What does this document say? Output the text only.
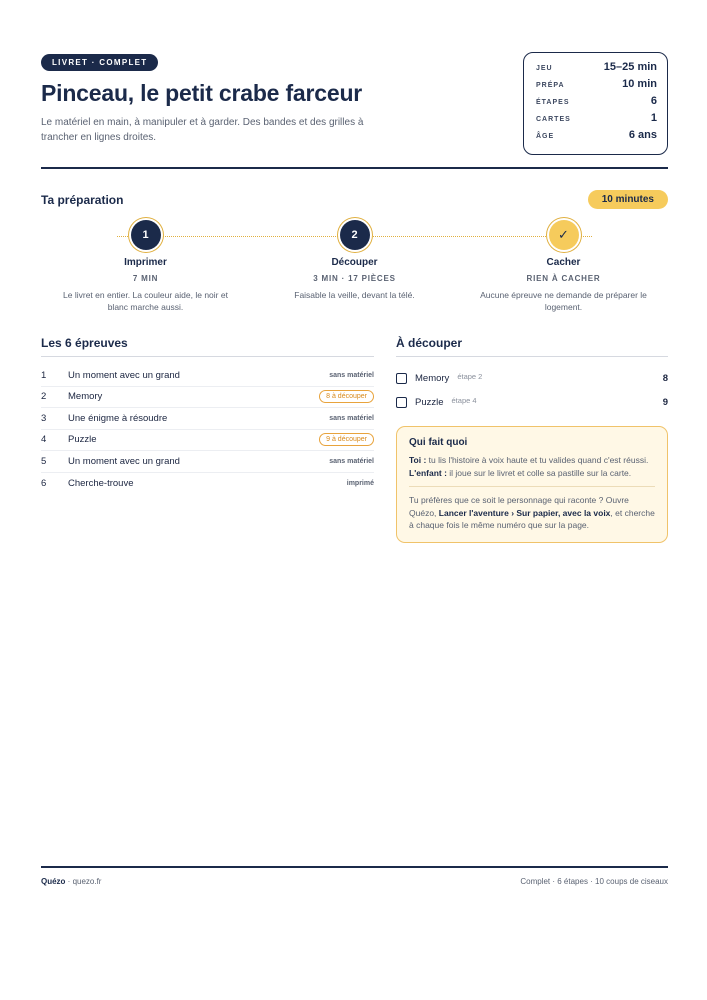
LIVRET · COMPLET
Pinceau, le petit crabe farceur
Le matériel en main, à manipuler et à garder. Des bandes et des grilles à trancher en lignes droites.
JEU	15–25 min
PRÉPA	10 min
ÉTAPES	6
CARTES	1
ÂGE	6 ans
Ta préparation	10 minutes
1
Imprimer
7 MIN
Le livret en entier. La couleur aide, le noir et blanc marche aussi.
2
Découper
3 MIN · 17 PIÈCES
Faisable la veille, devant la télé.
✓
Cacher
RIEN À CACHER
Aucune épreuve ne demande de préparer le logement.
Les 6 épreuves
1	Un moment avec un grand	sans matériel
2	Memory	8 à découper
3	Une énigme à résoudre	sans matériel
4	Puzzle	9 à découper
5	Un moment avec un grand	sans matériel
6	Cherche-trouve	imprimé
À découper
Memory étape 2	8
Puzzle étape 4	9
Qui fait quoi

Toi : tu lis l'histoire à voix haute et tu valides quand c'est réussi.

L'enfant : il joue sur le livret et colle sa pastille sur la carte.

Tu préfères que ce soit le personnage qui raconte ? Ouvre Quézo, Lancer l'aventure › Sur papier, avec la voix, et cherche à chaque fois le même numéro que sur la page.

Quézo · quezo.fr	Complet · 6 étapes · 10 coups de ciseaux
